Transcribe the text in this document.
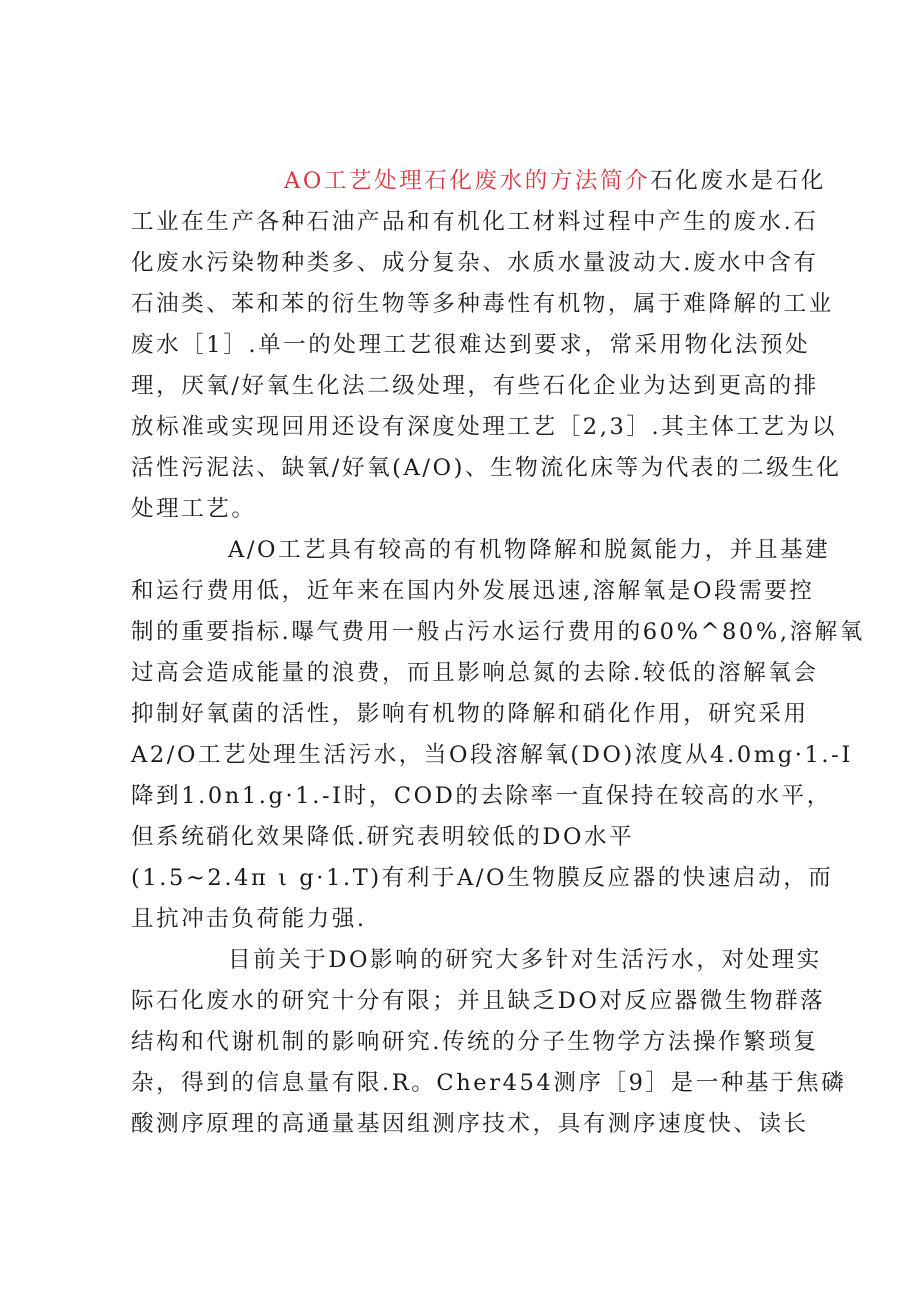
AO工艺处理石化废水的方法简介石化废水是石化
工业在生产各种石油产品和有机化工材料过程中产生的废水.石
化废水污染物种类多、成分复杂、水质水量波动大.废水中含有
石油类、苯和苯的衍生物等多种毒性有机物，属于难降解的工业
废水［1］.单一的处理工艺很难达到要求，常采用物化法预处
理，厌氧/好氧生化法二级处理，有些石化企业为达到更高的排
放标准或实现回用还设有深度处理工艺［2,3］.其主体工艺为以
活性污泥法、缺氧/好氧(A/O)、生物流化床等为代表的二级生化
处理工艺。
A/O工艺具有较高的有机物降解和脱氮能力，并且基建
和运行费用低，近年来在国内外发展迅速,溶解氧是O段需要控
制的重要指标.曝气费用一般占污水运行费用的60%^80%,溶解氧
过高会造成能量的浪费，而且影响总氮的去除.较低的溶解氧会
抑制好氧菌的活性，影响有机物的降解和硝化作用，研究采用
A2/O工艺处理生活污水，当O段溶解氧(DO)浓度从4.0mg·1.-I
降到1.0n1.g·1.-I时，COD的去除率一直保持在较高的水平，
但系统硝化效果降低.研究表明较低的DO水平
(1.5~2.4π ι g·1.T)有利于A/O生物膜反应器的快速启动，而
且抗冲击负荷能力强.
目前关于DO影响的研究大多针对生活污水，对处理实
际石化废水的研究十分有限；并且缺乏DO对反应器微生物群落
结构和代谢机制的影响研究.传统的分子生物学方法操作繁琐复
杂，得到的信息量有限.R。Cher454测序［9］是一种基于焦磷
酸测序原理的高通量基因组测序技术，具有测序速度快、读长
